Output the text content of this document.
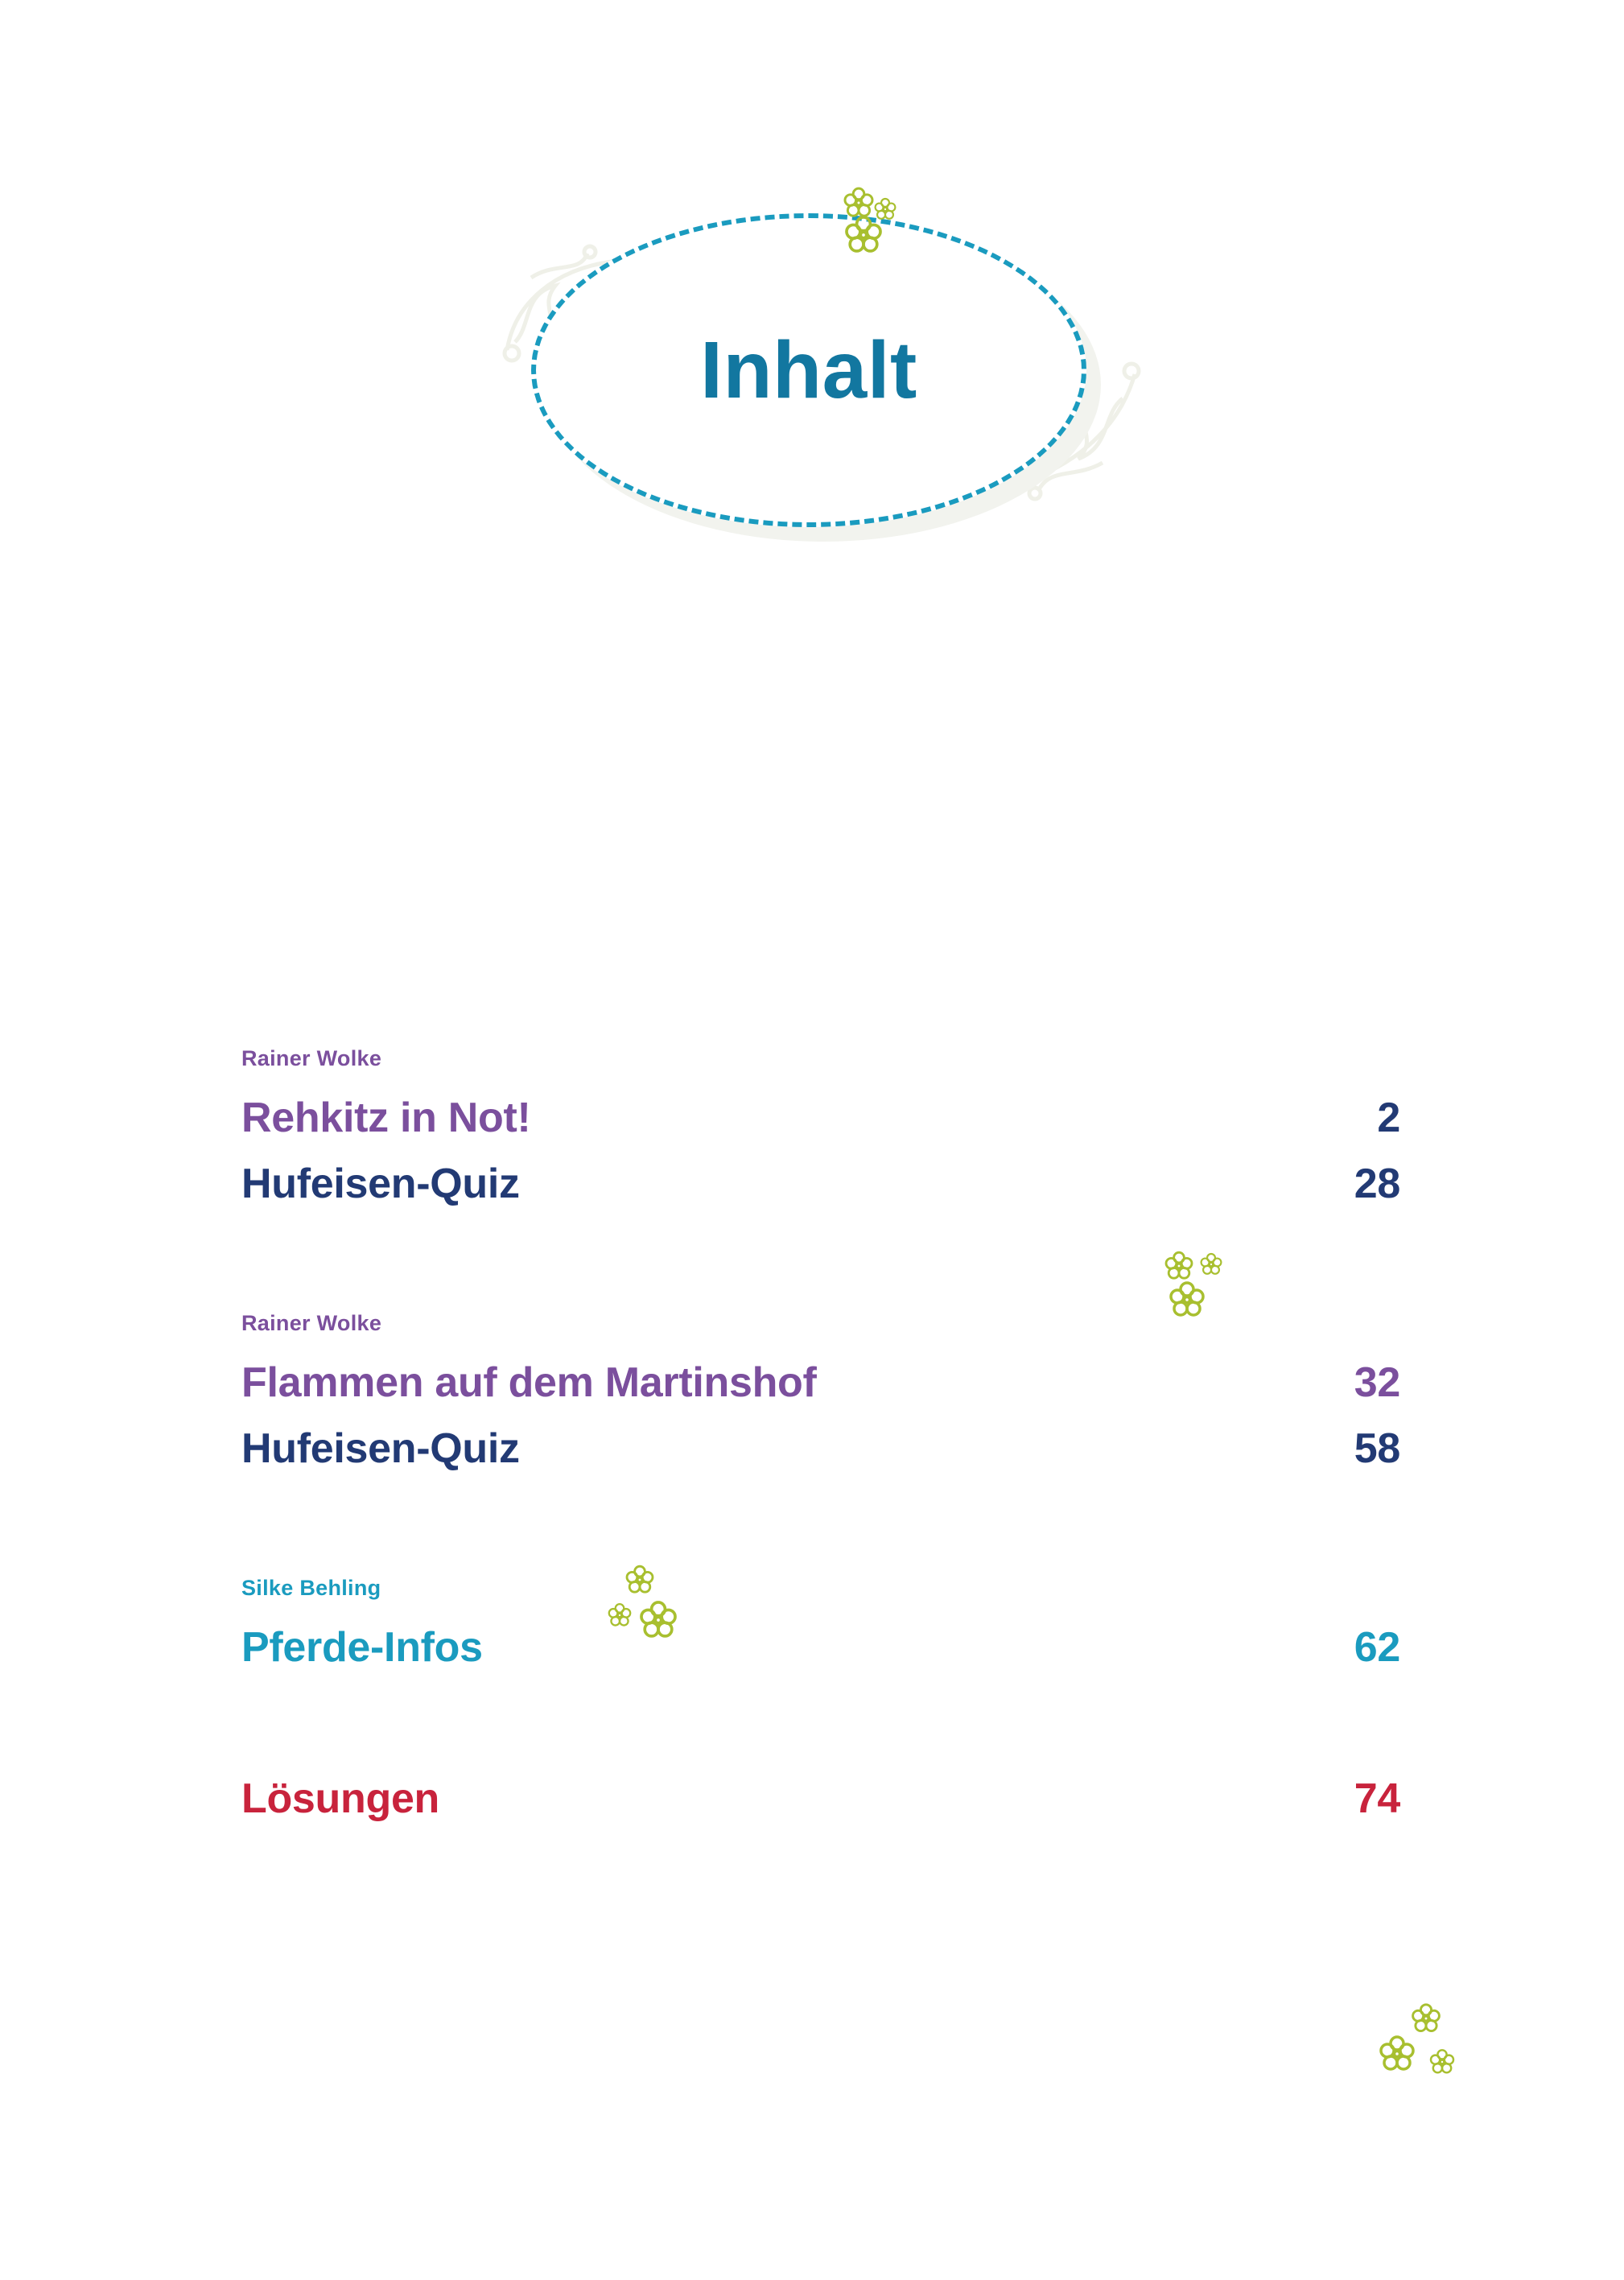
Inhalt
Rainer Wolke
Rehkitz in Not!	2
Hufeisen-Quiz	28
Rainer Wolke
Flammen auf dem Martinshof	32
Hufeisen-Quiz	58
Silke Behling
Pferde-Infos	62
Lösungen	74
